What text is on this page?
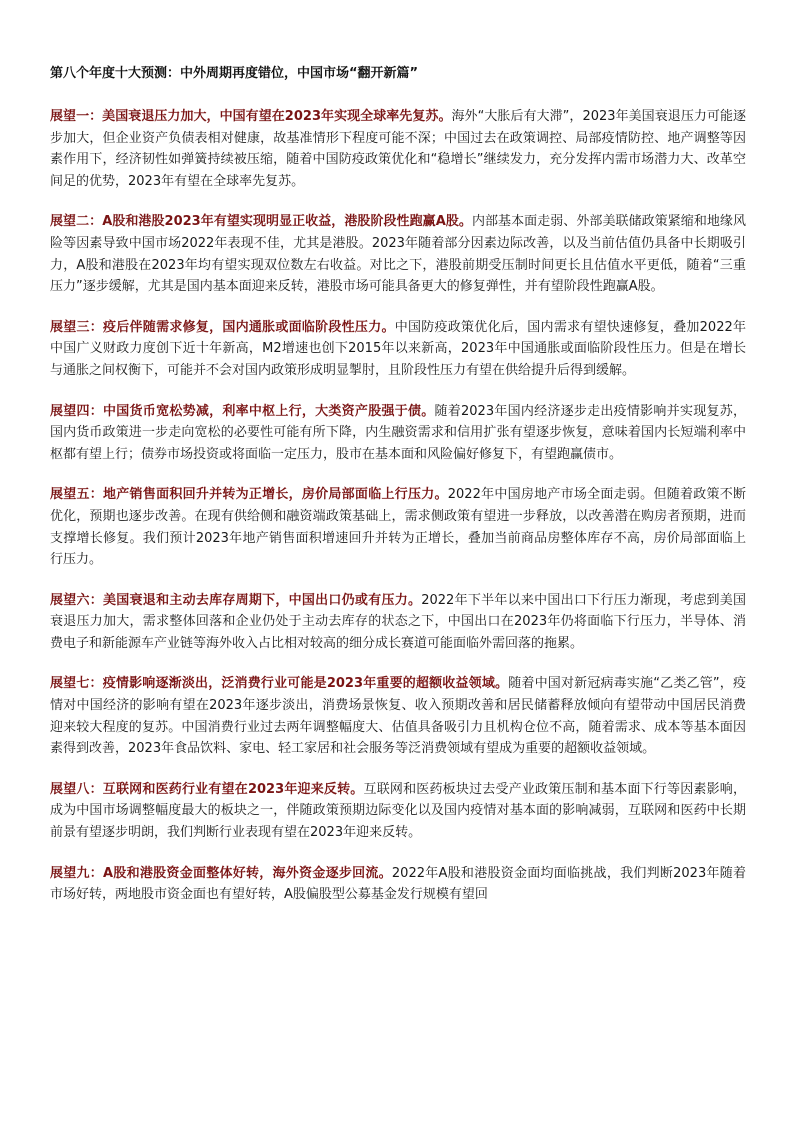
第八个年度十大预测：中外周期再度错位，中国市场“翻开新篇”

展望一：美国衰退压力加大，中国有望在2023年实现全球率先复苏。海外“大胀后有大滞”，2023年美国衰退压力可能逐步加大，但企业资产负债表相对健康，故基准情形下程度可能不深；中国过去在政策调控、局部疫情防控、地产调整等因素作用下，经济韧性如弹簧持续被压缩，随着中国防疫政策优化和“稳增长”继续发力，充分发挥内需市场潜力大、改革空间足的优势，2023年有望在全球率先复苏。

展望二：A股和港股2023年有望实现明显正收益，港股阶段性跑赢A股。内部基本面走弱、外部美联储政策紧缩和地缘风险等因素导致中国市场2022年表现不佳，尤其是港股。2023年随着部分因素边际改善，以及当前估值仍具备中长期吸引力，A股和港股在2023年均有望实现双位数左右收益。对比之下，港股前期受压制时间更长且估值水平更低，随着“三重压力”逐步缓解，尤其是国内基本面迎来反转，港股市场可能具备更大的修复弹性，并有望阶段性跑赢A股。

展望三：疫后伴随需求修复，国内通胀或面临阶段性压力。中国防疫政策优化后，国内需求有望快速修复，叠加2022年中国广义财政力度创下近十年新高，M2增速也创下2015年以来新高，2023年中国通胀或面临阶段性压力。但是在增长与通胀之间权衡下，可能并不会对国内政策形成明显掣肘，且阶段性压力有望在供给提升后得到缓解。

展望四：中国货币宽松势减，利率中枢上行，大类资产股强于债。随着2023年国内经济逐步走出疫情影响并实现复苏，国内货币政策进一步走向宽松的必要性可能有所下降，内生融资需求和信用扩张有望逐步恢复，意味着国内长短端利率中枢都有望上行；债券市场投资或将面临一定压力，股市在基本面和风险偏好修复下，有望跑赢债市。

展望五：地产销售面积回升并转为正增长，房价局部面临上行压力。2022年中国房地产市场全面走弱。但随着政策不断优化，预期也逐步改善。在现有供给侧和融资端政策基础上，需求侧政策有望进一步释放，以改善潜在购房者预期，进而支撑增长修复。我们预计2023年地产销售面积增速回升并转为正增长，叠加当前商品房整体库存不高，房价局部面临上行压力。

展望六：美国衰退和主动去库存周期下，中国出口仍或有压力。2022年下半年以来中国出口下行压力渐现，考虑到美国衰退压力加大，需求整体回落和企业仍处于主动去库存的状态之下，中国出口在2023年仍将面临下行压力，半导体、消费电子和新能源车产业链等海外收入占比相对较高的细分成长赛道可能面临外需回落的拖累。

展望七：疫情影响逐渐淡出，泛消费行业可能是2023年重要的超额收益领域。随着中国对新冠病毒实施“乙类乙管”，疫情对中国经济的影响有望在2023年逐步淡出，消费场景恢复、收入预期改善和居民储蓄释放倾向有望带动中国居民消费迎来较大程度的复苏。中国消费行业过去两年调整幅度大、估值具备吸引力且机构仓位不高，随着需求、成本等基本面因素得到改善，2023年食品饮料、家电、轻工家居和社会服务等泛消费领域有望成为重要的超额收益领域。

展望八：互联网和医药行业有望在2023年迎来反转。互联网和医药板块过去受产业政策压制和基本面下行等因素影响，成为中国市场调整幅度最大的板块之一，伴随政策预期边际变化以及国内疫情对基本面的影响减弱，互联网和医药中长期前景有望逐步明朗，我们判断行业表现有望在2023年迎来反转。

展望九：A股和港股资金面整体好转，海外资金逐步回流。2022年A股和港股资金面均面临挑战，我们判断2023年随着市场好转，两地股市资金面也有望好转，A股偏股型公募基金发行规模有望回
